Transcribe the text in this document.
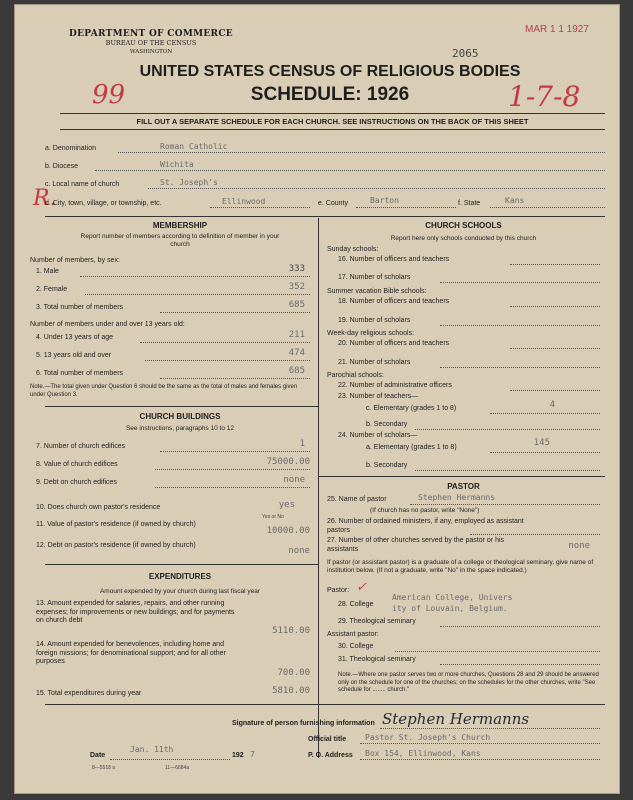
DEPARTMENT OF COMMERCE
BUREAU OF THE CENSUS
WASHINGTON
MAR 1 1 1927
2065
UNITED STATES CENSUS OF RELIGIOUS BODIES
SCHEDULE: 1926
99	1-7-8
R.
FILL OUT A SEPARATE SCHEDULE FOR EACH CHURCH. SEE INSTRUCTIONS ON THE BACK OF THIS SHEET
a. Denomination	Roman Catholic
b. Diocese	Wichita
c. Local name of church	St. Joseph's
d. City, town, village, or township, etc.	Ellinwood	e. County	Barton	f. State	Kans
MEMBERSHIP
Report number of members according to definition of member in your church
Number of members, by sex:
1. Male	333
2. Female	352
3. Total number of members	685
Number of members under and over 13 years old:
4. Under 13 years of age	211
5. 13 years old and over	474
6. Total number of members	685
Note.—The total given under Question 6 should be the same as the total of males and females given under Question 3.
CHURCH BUILDINGS
See instructions, paragraphs 10 to 12
7. Number of church edifices	1
8. Value of church edifices	75000.00
9. Debt on church edifices	none
10. Does church own pastor's residence	yes
Yes or No
11. Value of pastor's residence (if owned by church)
10000.00
12. Debt on pastor's residence (if owned by church)
none
EXPENDITURES
Amount expended by your church during last fiscal year
13. Amount expended for salaries, repairs, and other running expenses; for improvements or new buildings; and for payments on church debt
5110.00
14. Amount expended for benevolences, including home and foreign missions; for denominational support; and for all other purposes
700.00
15. Total expenditures during year	5810.00
CHURCH SCHOOLS
Report here only schools conducted by this church
Sunday schools:
16. Number of officers and teachers
17. Number of scholars
Summer vacation Bible schools:
18. Number of officers and teachers
19. Number of scholars
Week-day religious schools:
20. Number of officers and teachers
21. Number of scholars
Parochial schools:
22. Number of administrative officers
23. Number of teachers—
c. Elementary (grades 1 to 8)	4
b. Secondary
24. Number of scholars—
a. Elementary (grades 1 to 8)	145
b. Secondary
PASTOR
25. Name of pastor	Stephen Hermanns
(If church has no pastor, write "None")
26. Number of ordained ministers, if any, employed as assistant pastors
27. Number of other churches served by the pastor or his assistants	none
If pastor (or assistant pastor) is a graduate of a college or theological seminary, give name of institution below. (If not a graduate, write "No" in the space indicated.)
Pastor: ✓
28. College
American College, Univers
ity of Louvain, Belgium.
29. Theological seminary
Assistant pastor:
30. College
31. Theological seminary
Note.—Where one pastor serves two or more churches, Questions 28 and 29 should be answered only on the schedule for one of the churches; on the schedules for the other churches, write "See schedule for ........ church."
Signature of person furnishing information Stephen Hermanns
Official title Pastor St. Joseph's Church
Date
Jan. 11th
192 7	P. O. Address Box 154, Ellinwood, Kans
8—5518 a	11—6684a
